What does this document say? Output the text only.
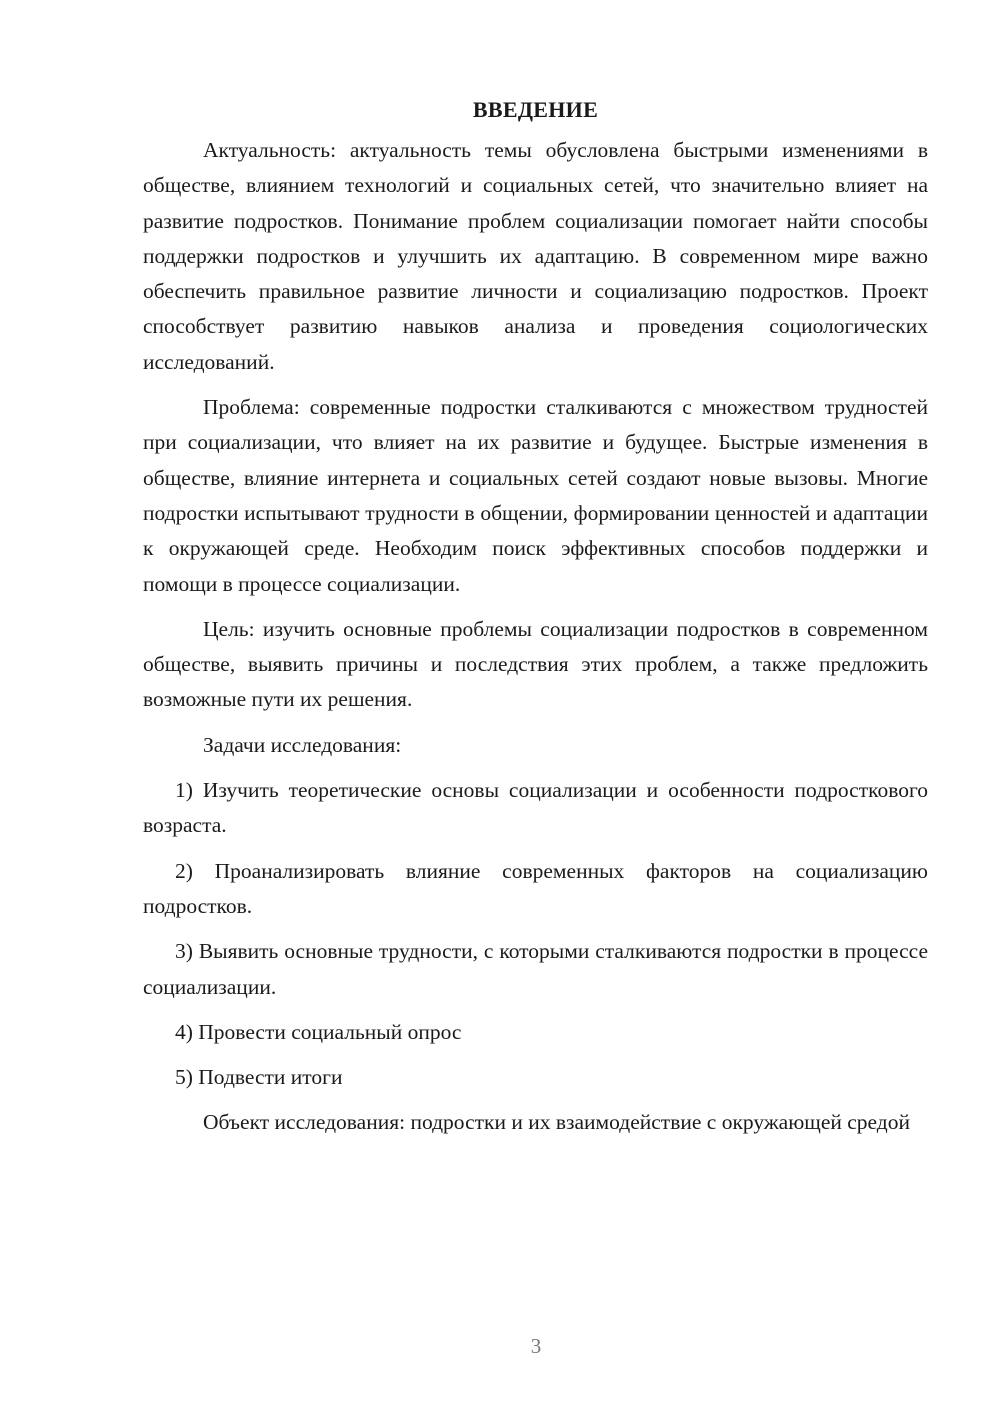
ВВЕДЕНИЕ

Актуальность: актуальность темы обусловлена быстрыми изменениями в обществе, влиянием технологий и социальных сетей, что значительно влияет на развитие подростков. Понимание проблем социализации помогает найти способы поддержки подростков и улучшить их адаптацию. В современном мире важно обеспечить правильное развитие личности и социализацию подростков. Проект способствует развитию навыков анализа и проведения социологических исследований.

Проблема: современные подростки сталкиваются с множеством трудностей при социализации, что влияет на их развитие и будущее. Быстрые изменения в обществе, влияние интернета и социальных сетей создают новые вызовы. Многие подростки испытывают трудности в общении, формировании ценностей и адаптации к окружающей среде. Необходим поиск эффективных способов поддержки и помощи в процессе социализации.

Цель: изучить основные проблемы социализации подростков в современном обществе, выявить причины и последствия этих проблем, а также предложить возможные пути их решения.

Задачи исследования:

1) Изучить теоретические основы социализации и особенности подросткового возраста.

2) Проанализировать влияние современных факторов на социализацию подростков.

3) Выявить основные трудности, с которыми сталкиваются подростки в процессе социализации.

4) Провести социальный опрос

5) Подвести итоги

Объект исследования: подростки и их взаимодействие с окружающей средой

3
